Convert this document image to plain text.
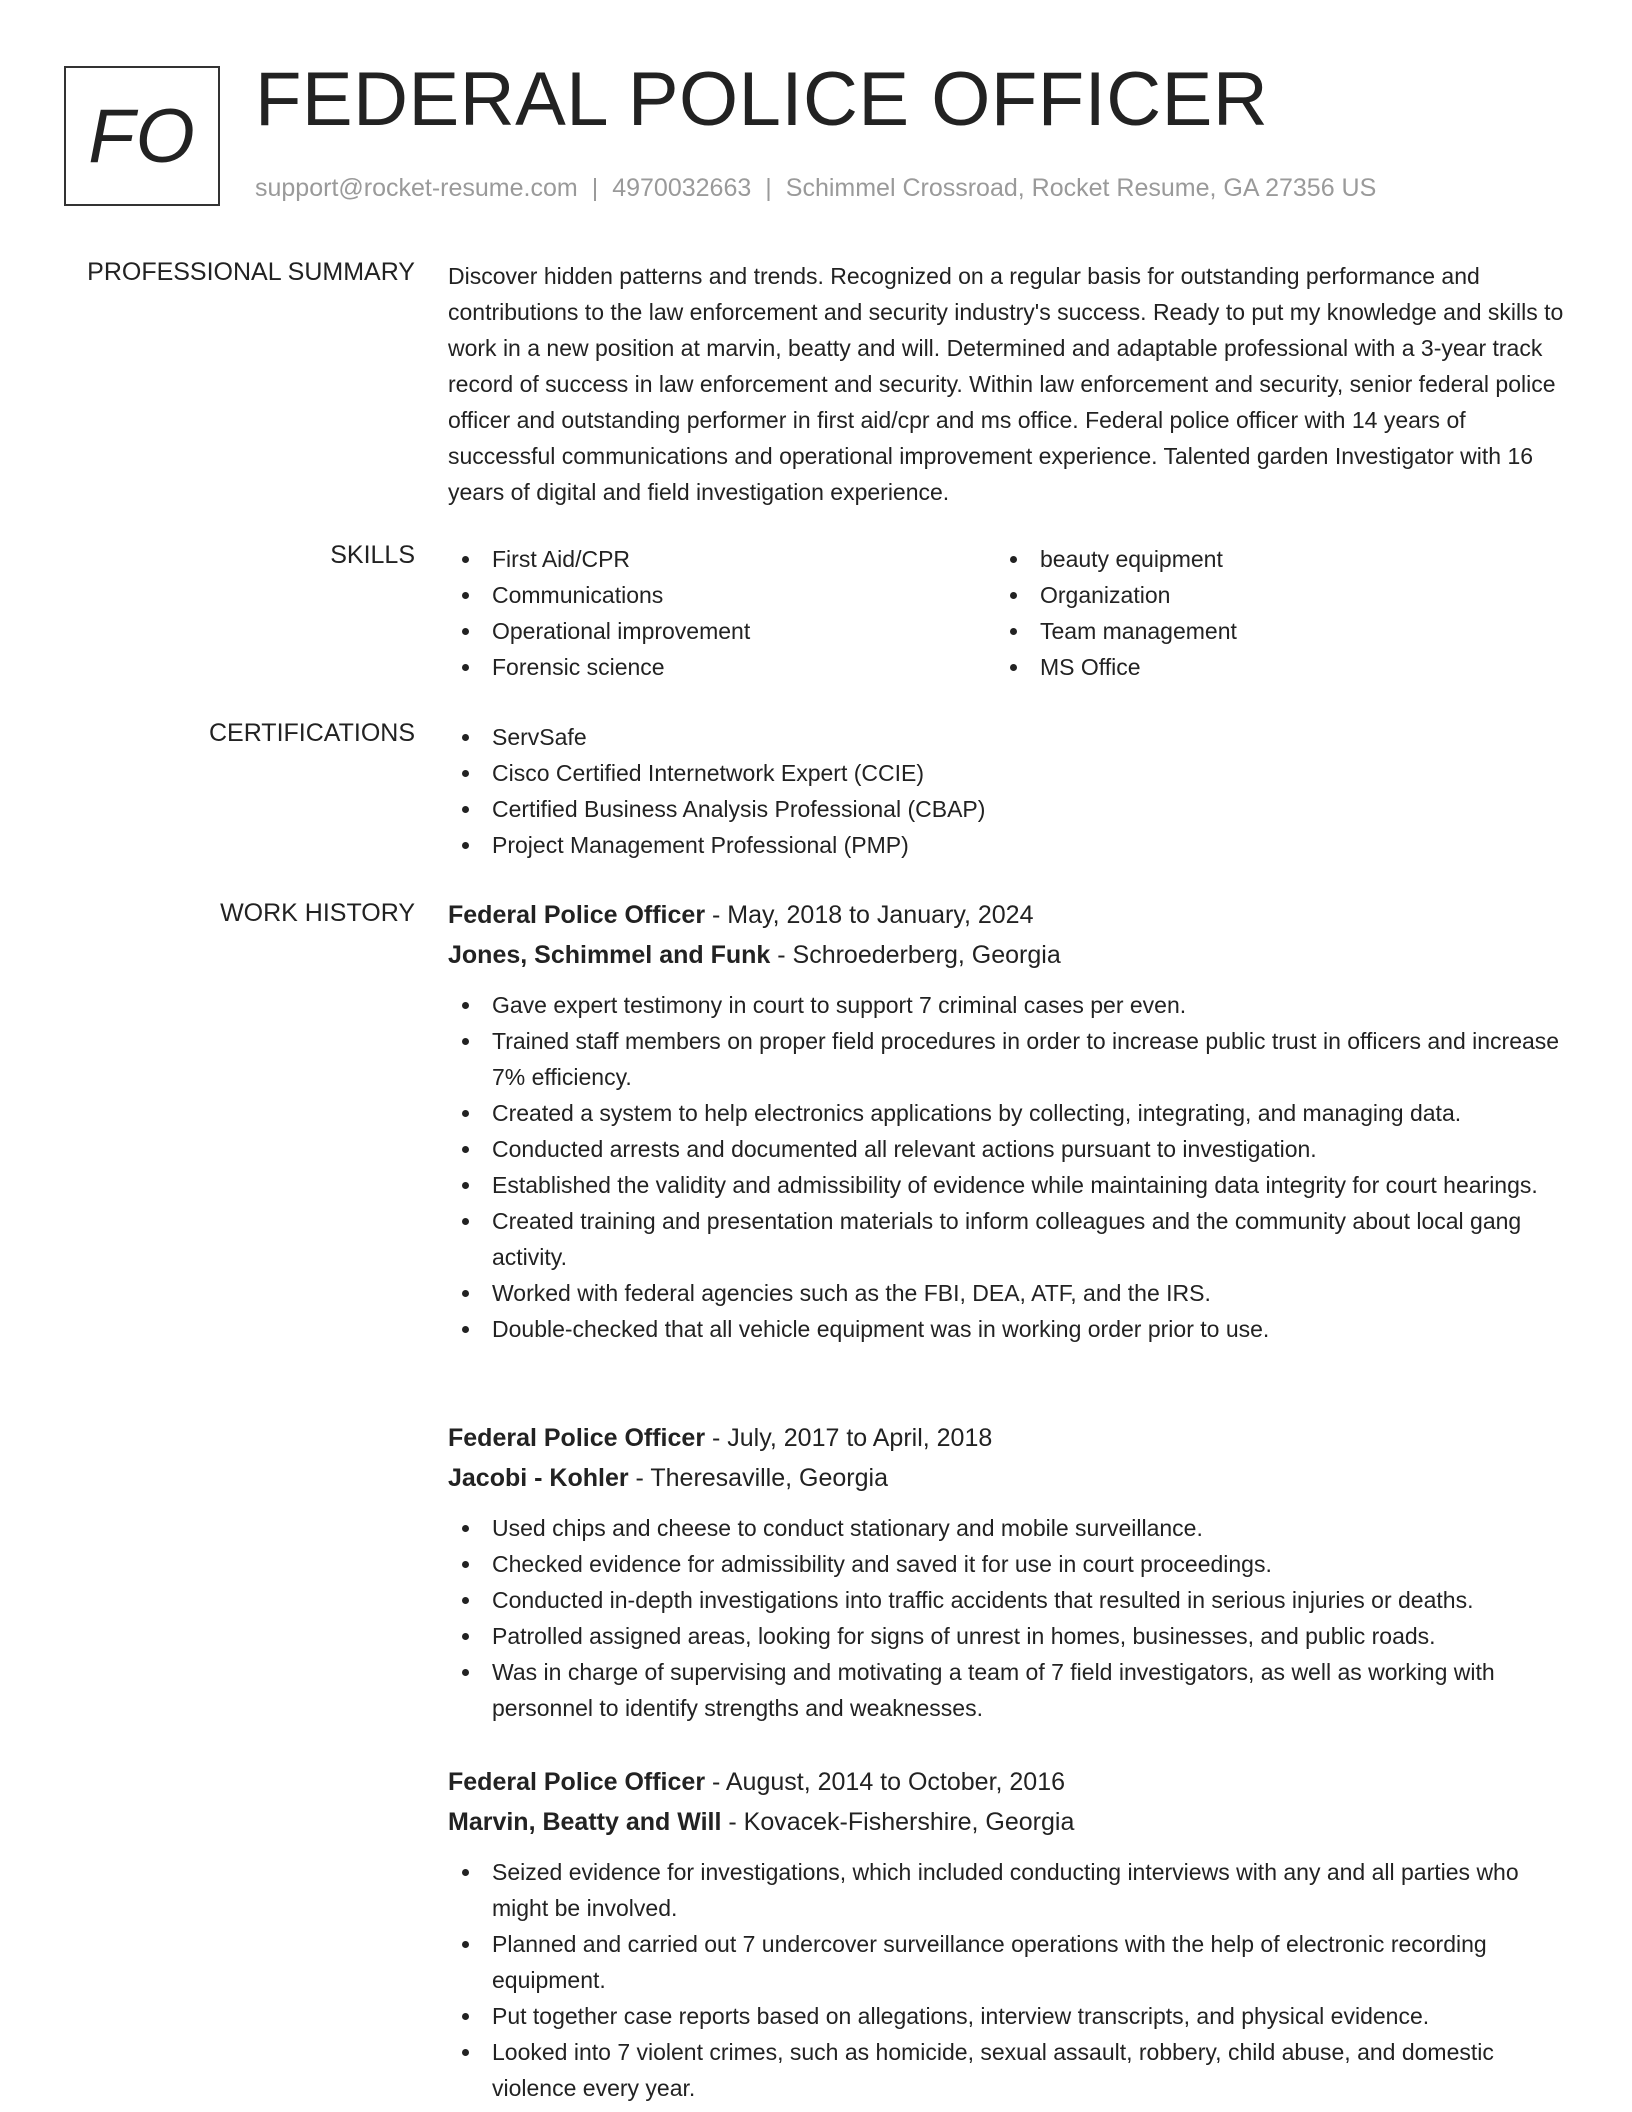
FO FEDERAL POLICE OFFICER
support@rocket-resume.com | 4970032663 | Schimmel Crossroad, Rocket Resume, GA 27356 US
PROFESSIONAL SUMMARY Discover hidden patterns and trends. Recognized on a regular basis for outstanding performance and contributions to the law enforcement and security industry's success. Ready to put my knowledge and skills to work in a new position at marvin, beatty and will. Determined and adaptable professional with a 3-year track record of success in law enforcement and security. Within law enforcement and security, senior federal police officer and outstanding performer in first aid/cpr and ms office. Federal police officer with 14 years of successful communications and operational improvement experience. Talented garden Investigator with 16 years of digital and field investigation experience.
SKILLS	First Aid/CPR
Communications
Operational improvement
Forensic science
beauty equipment
Organization
Team management
MS Office
CERTIFICATIONS	ServSafe
Cisco Certified Internetwork Expert (CCIE)
Certified Business Analysis Professional (CBAP)
Project Management Professional (PMP)
WORK HISTORY Federal Police Officer - May, 2018 to January, 2024
Jones, Schimmel and Funk - Schroederberg, Georgia
Gave expert testimony in court to support 7 criminal cases per even.
Trained staff members on proper field procedures in order to increase public trust in officers and increase 7% efficiency.
Created a system to help electronics applications by collecting, integrating, and managing data.
Conducted arrests and documented all relevant actions pursuant to investigation.
Established the validity and admissibility of evidence while maintaining data integrity for court hearings.
Created training and presentation materials to inform colleagues and the community about local gang activity.
Worked with federal agencies such as the FBI, DEA, ATF, and the IRS.
Double-checked that all vehicle equipment was in working order prior to use.
Federal Police Officer - July, 2017 to April, 2018
Jacobi - Kohler - Theresaville, Georgia
Used chips and cheese to conduct stationary and mobile surveillance.
Checked evidence for admissibility and saved it for use in court proceedings.
Conducted in-depth investigations into traffic accidents that resulted in serious injuries or deaths.
Patrolled assigned areas, looking for signs of unrest in homes, businesses, and public roads.
Was in charge of supervising and motivating a team of 7 field investigators, as well as working with personnel to identify strengths and weaknesses.
Federal Police Officer - August, 2014 to October, 2016
Marvin, Beatty and Will - Kovacek-Fishershire, Georgia
Seized evidence for investigations, which included conducting interviews with any and all parties who might be involved.
Planned and carried out 7 undercover surveillance operations with the help of electronic recording equipment.
Put together case reports based on allegations, interview transcripts, and physical evidence.
Looked into 7 violent crimes, such as homicide, sexual assault, robbery, child abuse, and domestic violence every year.
